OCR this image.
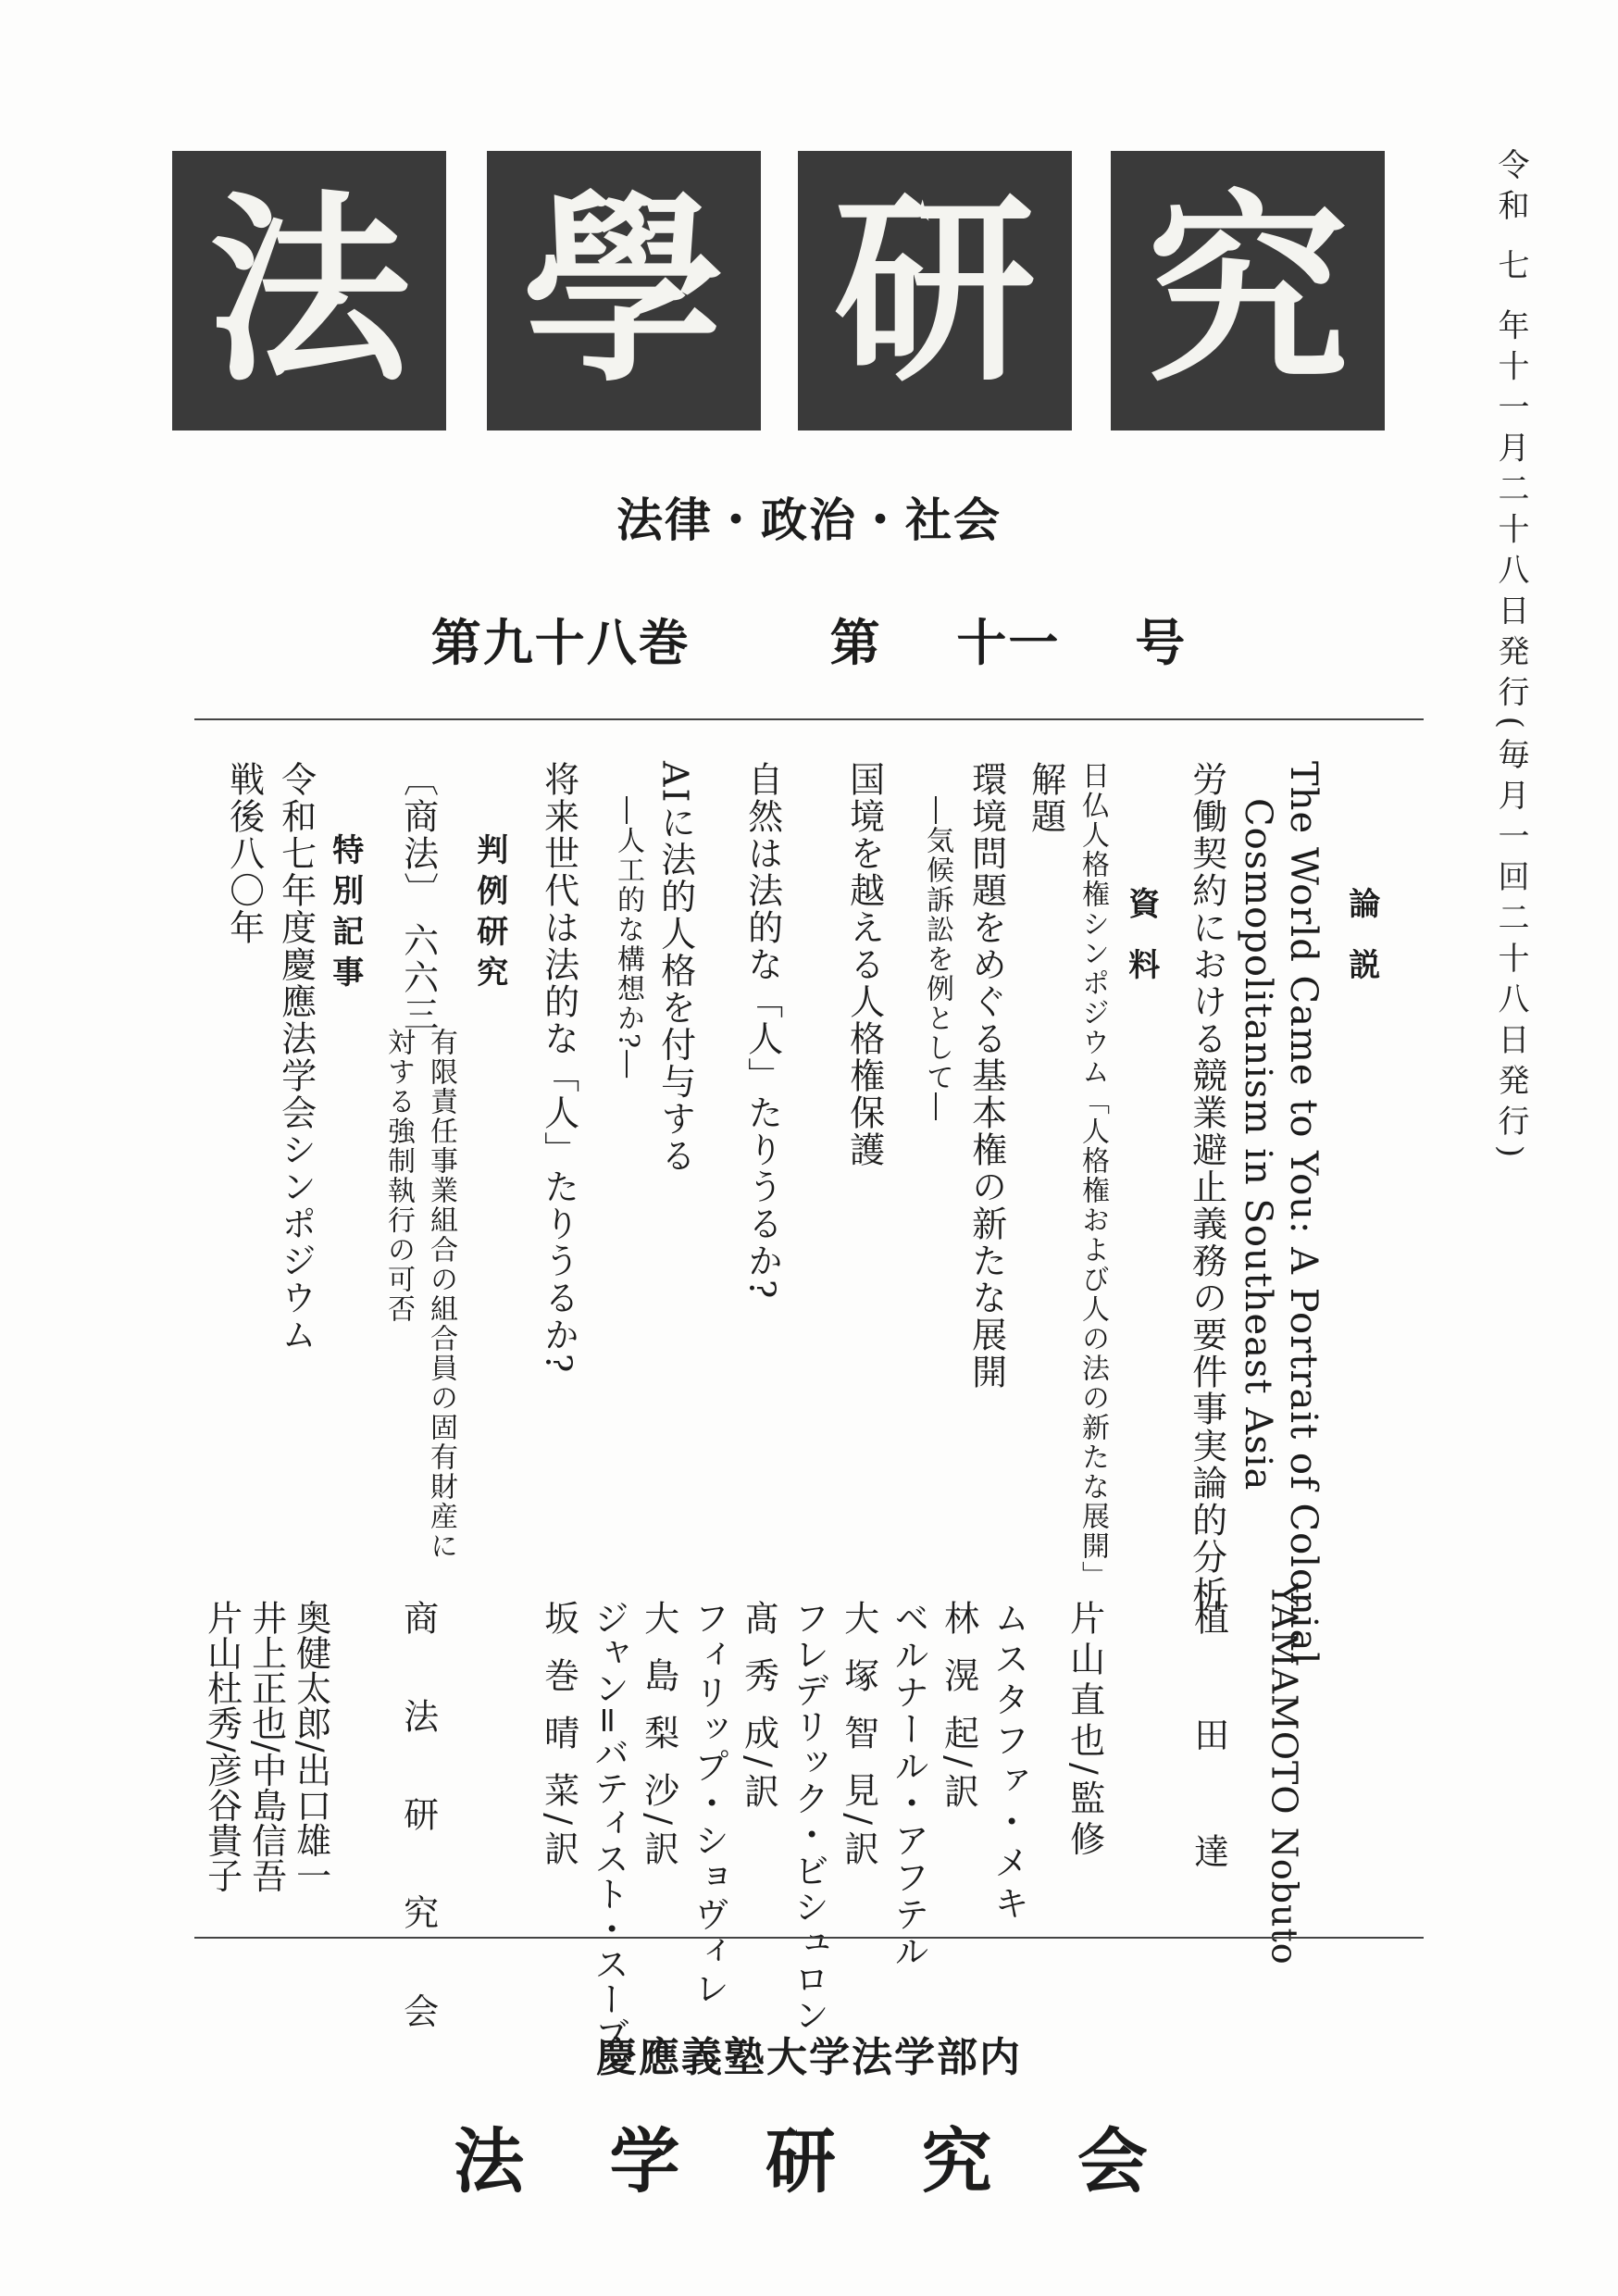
法 學 研 究
法律・政治・社会
第九十八巻	第 十一 号	令和 七 年十一月二十八日発行(毎月一回二十八日発行)
論 説
The World Came to You: A Portrait of Colonial
Cosmopolitanism in Southeast Asia
労働契約における競業避止義務の要件事実論的分析
資 料
日仏人格権シンポジウム「人格権および人の法の新たな展開」
解題
環境問題をめぐる基本権の新たな展開
―気候訴訟を例として―
国境を越える人格権保護
自然は法的な「人」たりうるか?
AIに法的人格を付与する
―人工的な構想か?―
将来世代は法的な「人」たりうるか?
判例研究
〔商法〕 六六三
有限責任事業組合の組合員の固有財産に
対する強制執行の可否
特別記事
令和七年度慶應法学会シンポジウム
戦後八〇年
YAMAMOTO Nobuto
植 田 達
片山直也/監修
ムスタファ・メキ
林 滉 起/訳
ベルナール・アフテル
大 塚 智 見/訳
フレデリック・ビシュロン
髙 秀 成/訳
フィリップ・ショヴィレ
大 島 梨 沙/訳
ジャン=バティスト・スーブ
坂 巻 晴 菜/訳
商 法 研 究 会
奥健太郎/出口雄一
井上正也/中島信吾
片山杜秀/彦谷貴子
慶應義塾大学法学部内
法 学 研 究 会
